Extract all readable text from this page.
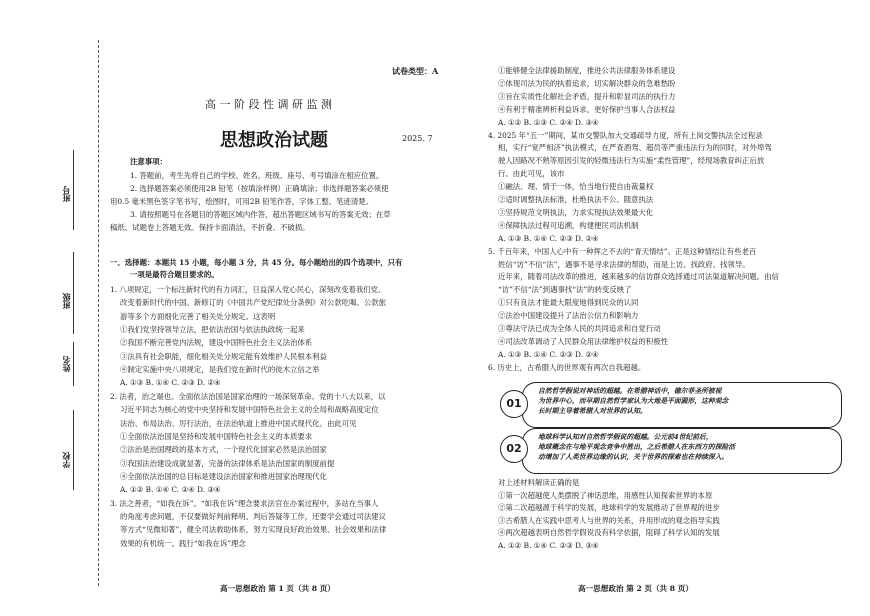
班号
班级
姓名
学校
试卷类型：A
高 一 阶 段 性 调 研 监 测
思想政治试题	2025. 7
注意事项：
1. 答题前，考生先将自己的学校、姓名、班级、座号、考号填涂在相应位置。
2. 选择题答案必须使用2B 铅笔（按填涂样例）正确填涂；非选择题答案必须使
用0.5 毫米黑色签字笔书写，绘图时，可用2B 铅笔作答，字体工整、笔迹清楚。
3. 请按照题号在各题目的答题区域内作答，超出答题区域书写的答案无效；在草
稿纸、试题卷上答题无效。保持卡面清洁，不折叠、不破损。
一、选择题：本题共 15 小题，每小题 3 分，共 45 分。每小题给出的四个选项中，只有
一项是最符合题目要求的。
1. 八项规定，一个标注新时代的有力词汇，日益深入党心民心，深刻改变着我们党、
改变着新时代的中国。新修订的《中国共产党纪律处分条例》对公款吃喝、公款旅
游等多个方面细化完善了相关处分规定。这表明
①我们党坚持领导立法，把依法治国与依法执政统一起来
②我国不断完善党内法规，建设中国特色社会主义法治体系
③法具有社会职能，细化相关处分规定能有效维护人民根本利益
④制定实施中央八项规定，是我们党在新时代的徙木立信之举
A. ①③ B. ①④ C. ②③ D. ②④
2. 法者，治之端也。全面依法治国是国家治理的一场深刻革命。党的十八大以来，以
习近平同志为核心的党中央坚持和发展中国特色社会主义的全局和战略高度定位
法治、布局法治、厉行法治，在法治轨道上推进中国式现代化。由此可见
①全面依法治国是坚持和发展中国特色社会主义的本质要求
②法治是治国理政的基本方式，一个现代化国家必然是法治国家
③我国法治建设成就显著，完备的法律体系是法治国家的制度前提
④全面依法治国的总目标是建设法治国家和推进国家治理现代化
A. ①② B. ①④ C. ②④ D. ③④
3. 法之善者，“如我在诉”。“如我在诉”理念要求法官在办案过程中，多站在当事人
的角度考虑问题，不仅要做好判前释明、判后答疑等工作，还要学会通过司法建议
等方式“见微知著”，健全司法救助体系，努力实现良好政治效果、社会效果和法律
效果的有机统一。践行“如我在诉”理念
高一思想政治 第 1 页（共 8 页）
①能够健全法律援助制度，推进公共法律服务体系建设
②体现司法为民的执着追求，切实解决群众的急难愁盼
③旨在实质性化解社会矛盾，提升和彰显司法的执行力
④有利于精准辨析利益诉求，更好保护当事人合法权益
A. ①② B. ①③ C. ②④ D. ③④
4. 2025 年“五一”期间，某市交警队加大交通疏导力度，所有上岗交警执法全过程录
相，实行“宽严相济”执法模式，在严查酒驾、超员等严重违法行为的同时，对外埠驾
驶人因路况不熟等原因引发的轻微违法行为实施“柔性管理”，经现场教育纠正后放
行。由此可见，该市
①融法、理、情于一体，恰当地行使自由裁量权
②适时调整执法标准，杜绝执法不公、随意执法
③坚持规范文明执法，力求实现执法效果最大化
④保障执法过程可追溯，构建便民司法机制
A. ①③ B. ①④ C. ②③ D. ②④
5. 千百年来，中国人心中有一种挥之不去的“青天情结”。正是这种情结让有些老百
姓信“访”不信“法”，遇事不是寻求法律的帮助，而是上访、找政府、找领导。
近年来，随着司法改革的推进，越来越多的信访群众选择通过司法渠道解决问题。由信
“访”不信“法”到遇事找“法”的转变反映了
①只有良法才能最大限度地得到民众的认同
②法治中国建设提升了法治公信力和影响力
③尊法守法已成为全体人民的共同追求和自觉行动
④司法改革调动了人民群众用法律维护权益的积极性
A. ①③ B. ①④ C. ②③ D. ②④
6. 历史上，古希腊人的世界观有两次自我超越。
01
自然哲学假说对神话的超越。在希腊神话中，德尔菲圣所被视
为世界中心，而早期自然哲学家认为大地是平面圆形，这种观念
长时期主导着希腊人对世界的认知。
02
地球科学认知对自然哲学假说的超越。公元前4世纪前后，
地球概念在与地平观念竞争中胜出，之后希腊人在东西方的探险活
动增加了人类世界边缘的认识，关于世界的探索也在持续深入。
对上述材料解读正确的是
①第一次超越使人类摆脱了神话思维，用感性认知探索世界的本原
②第二次超越源于科学的发展，地球科学的发展推动了世界观的进步
③古希腊人在实践中思考人与世界的关系，并用形成的观念指导实践
④两次超越表明自然哲学假说没有科学依据，阻碍了科学认知的发展
A. ①② B. ①④ C. ②③ D. ③④
高一思想政治 第 2 页（共 8 页）
